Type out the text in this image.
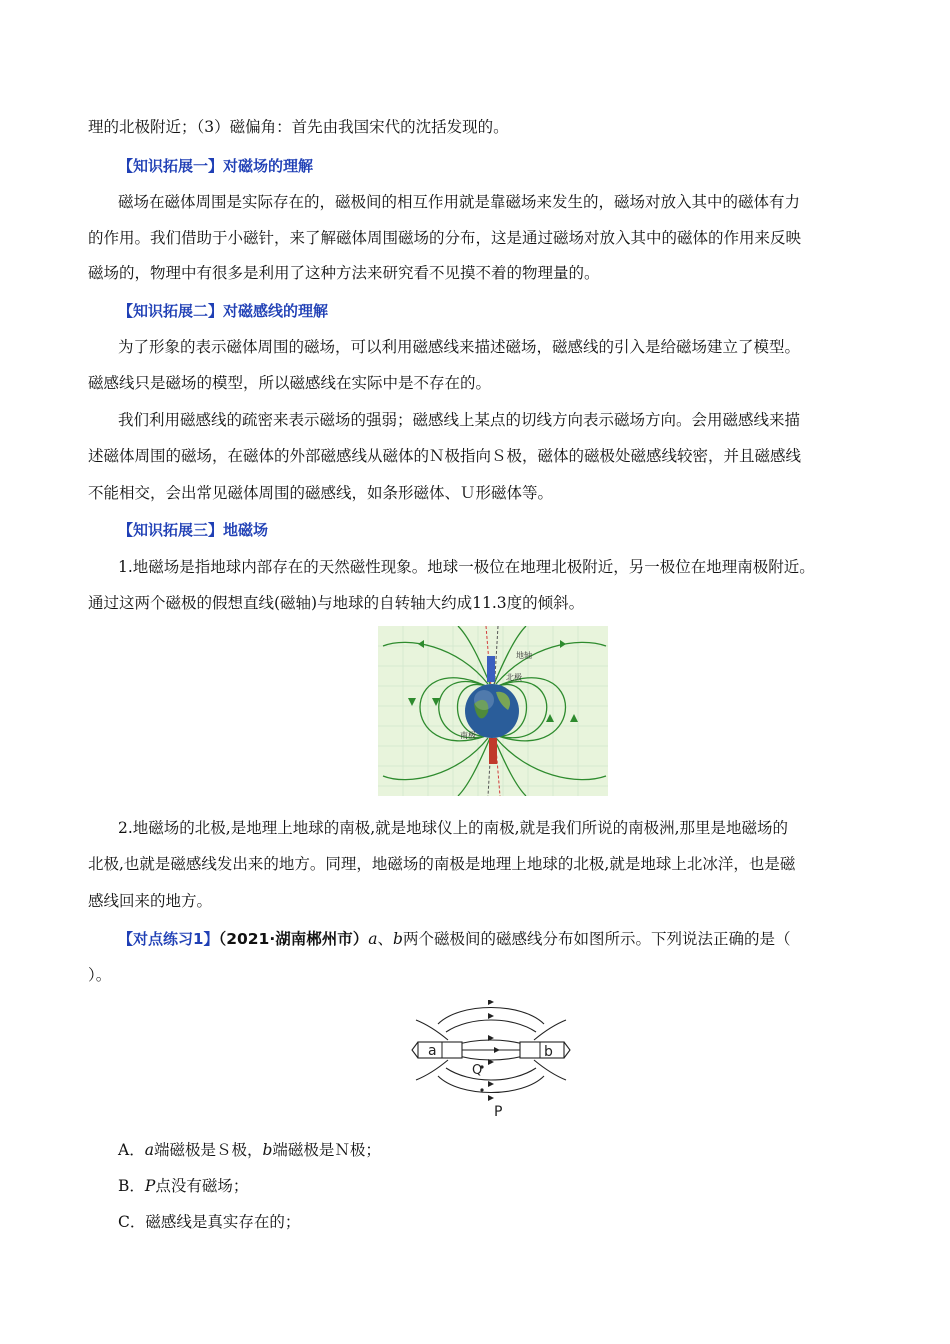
理的北极附近；（3）磁偏角：首先由我国宋代的沈括发现的。
【知识拓展一】对磁场的理解
磁场在磁体周围是实际存在的，磁极间的相互作用就是靠磁场来发生的，磁场对放入其中的磁体有力
的作用。我们借助于小磁针，来了解磁体周围磁场的分布，这是通过磁场对放入其中的磁体的作用来反映
磁场的，物理中有很多是利用了这种方法来研究看不见摸不着的物理量的。
【知识拓展二】对磁感线的理解
为了形象的表示磁体周围的磁场，可以利用磁感线来描述磁场，磁感线的引入是给磁场建立了模型。
磁感线只是磁场的模型，所以磁感线在实际中是不存在的。
我们利用磁感线的疏密来表示磁场的强弱；磁感线上某点的切线方向表示磁场方向。会用磁感线来描
述磁体周围的磁场，在磁体的外部磁感线从磁体的Ｎ极指向Ｓ极，磁体的磁极处磁感线较密，并且磁感线
不能相交，会出常见磁体周围的磁感线，如条形磁体、Ｕ形磁体等。
【知识拓展三】地磁场
1.地磁场是指地球内部存在的天然磁性现象。地球一极位在地理北极附近，另一极位在地理南极附近。
通过这两个磁极的假想直线(磁轴)与地球的自转轴大约成11.3度的倾斜。
地轴
南极
北极
2.地磁场的北极,是地理上地球的南极,就是地球仪上的南极,就是我们所说的南极洲,那里是地磁场的
北极,也就是磁感线发出来的地方。同理，地磁场的南极是地理上地球的北极,就是地球上北冰洋，也是磁
感线回来的地方。
【对点练习1】（2021·湖南郴州市）a、b两个磁极间的磁感线分布如图所示。下列说法正确的是（
）。
a	b
Q
P
A．a端磁极是Ｓ极，b端磁极是Ｎ极；
B．P点没有磁场；
C．磁感线是真实存在的；
